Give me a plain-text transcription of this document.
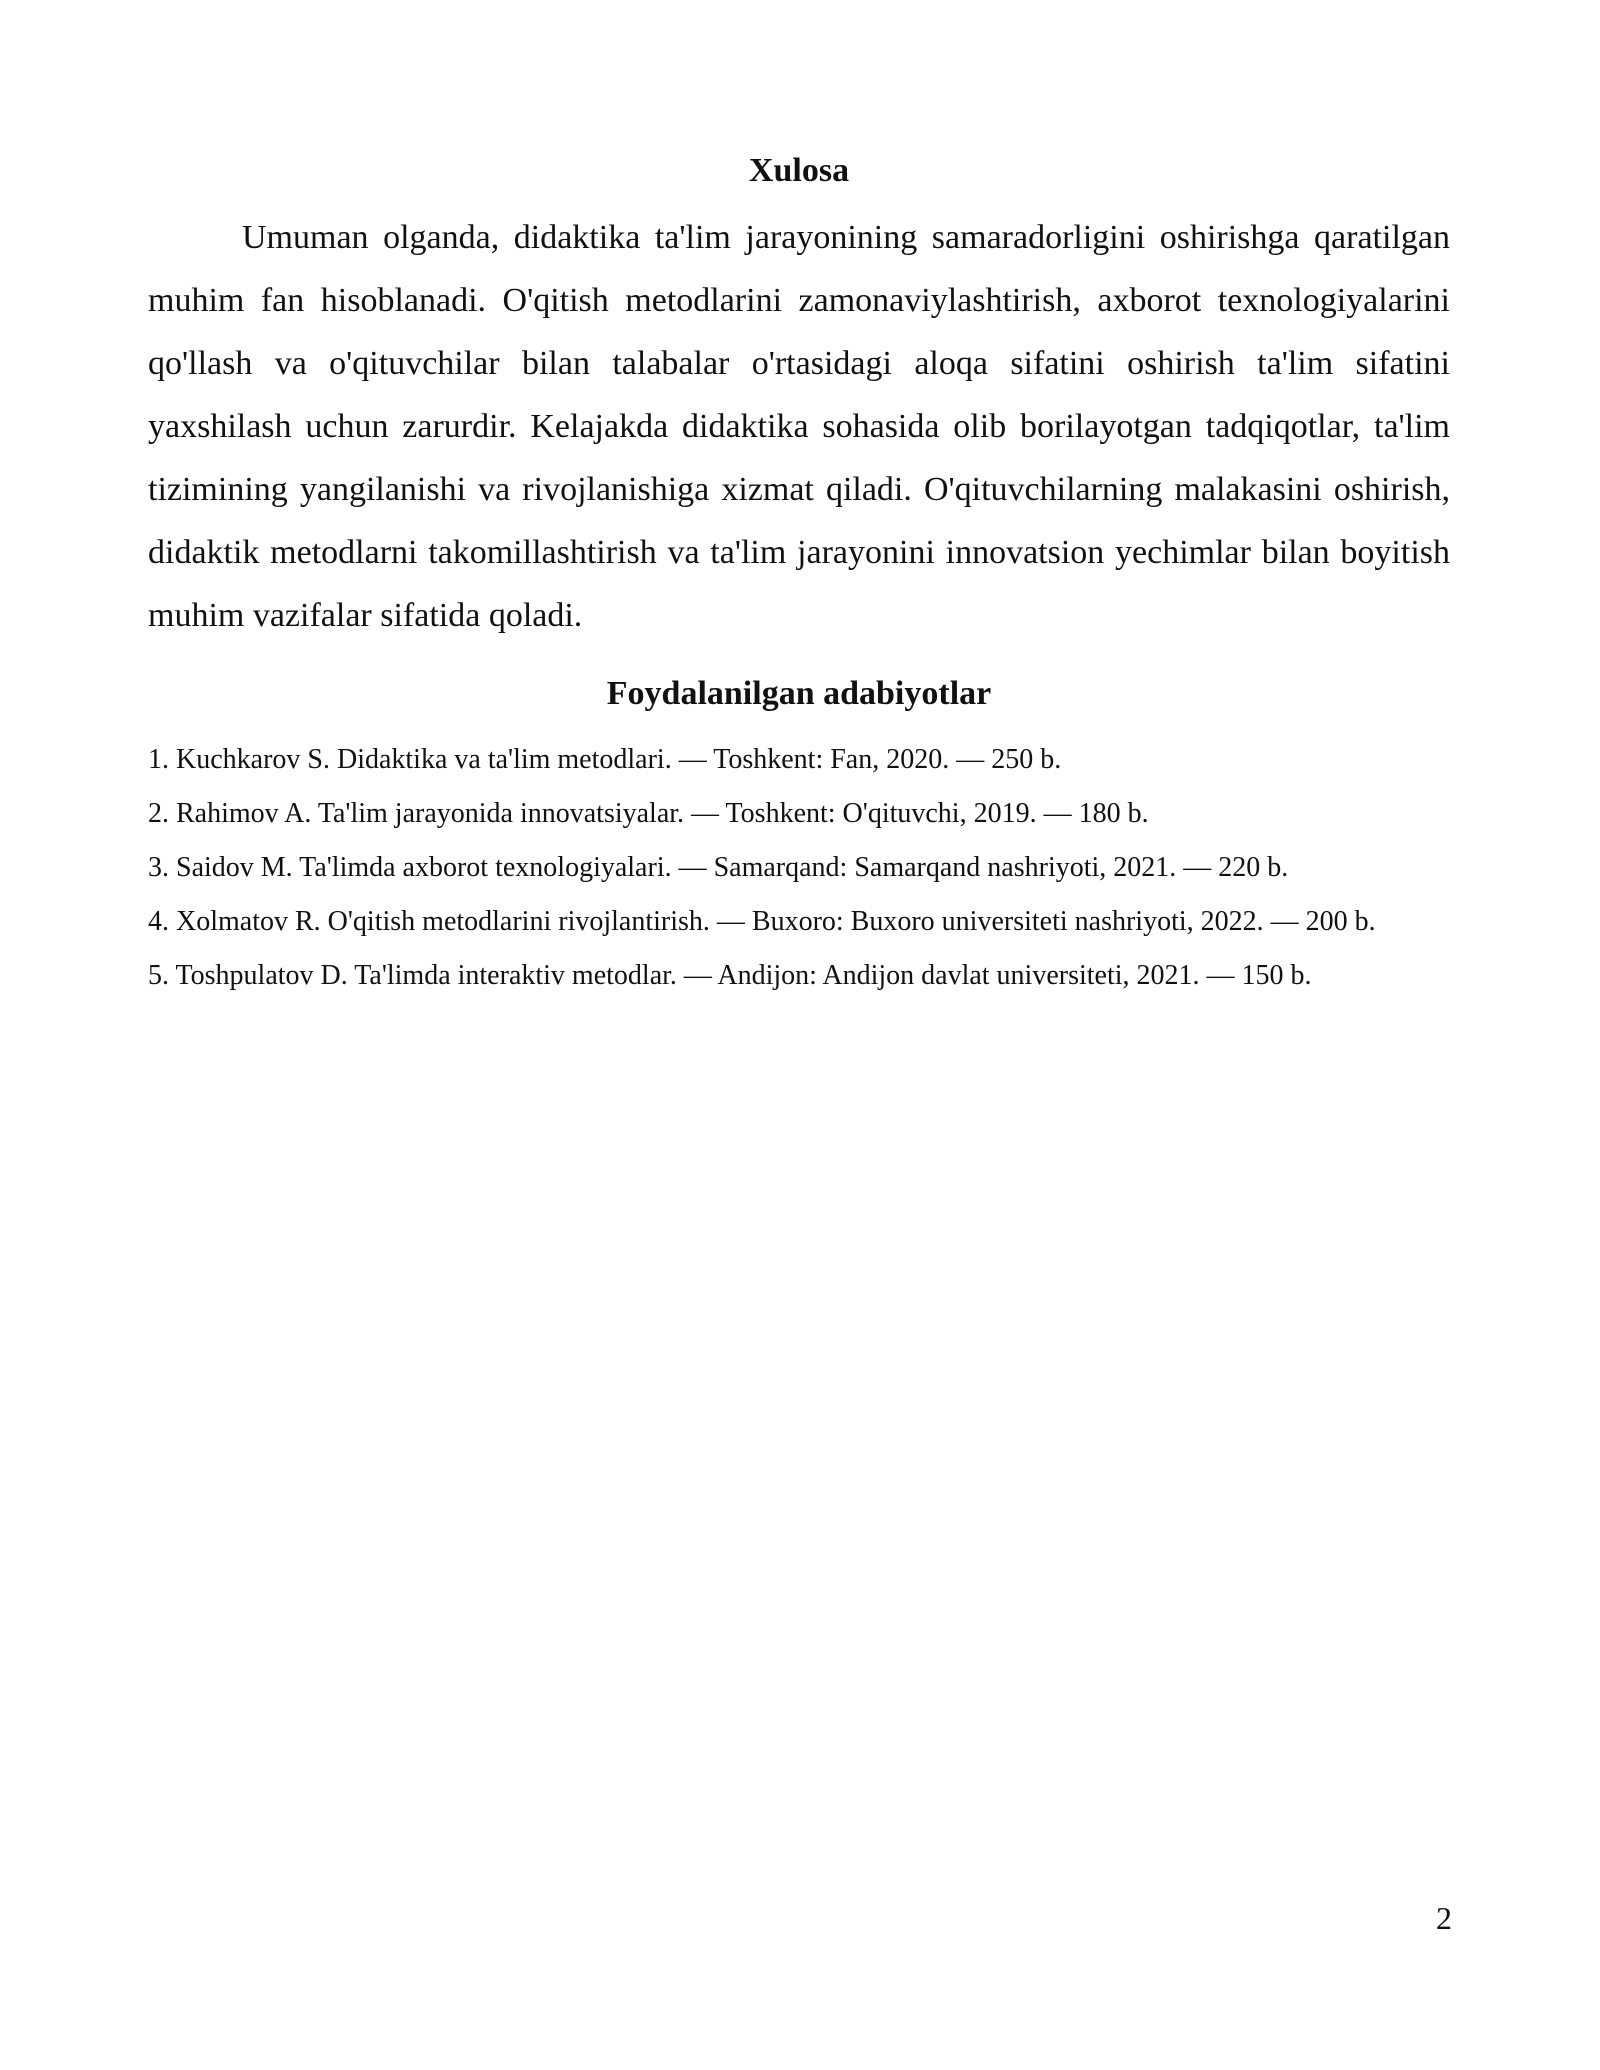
Xulosa

Umuman olganda, didaktika ta'lim jarayonining samaradorligini oshirishga qaratilgan muhim fan hisoblanadi. O'qitish metodlarini zamonaviylashtirish, axborot texnologiyalarini qo'llash va o'qituvchilar bilan talabalar o'rtasidagi aloqa sifatini oshirish ta'lim sifatini yaxshilash uchun zarurdir. Kelajakda didaktika sohasida olib borilayotgan tadqiqotlar, ta'lim tizimining yangilanishi va rivojlanishiga xizmat qiladi. O'qituvchilarning malakasini oshirish, didaktik metodlarni takomillashtirish va ta'lim jarayonini innovatsion yechimlar bilan boyitish muhim vazifalar sifatida qoladi.

Foydalanilgan adabiyotlar
1. Kuchkarov S. Didaktika va ta'lim metodlari. — Toshkent: Fan, 2020. — 250 b.
2. Rahimov A. Ta'lim jarayonida innovatsiyalar. — Toshkent: O'qituvchi, 2019. — 180 b.
3. Saidov M. Ta'limda axborot texnologiyalari. — Samarqand: Samarqand nashriyoti, 2021. — 220 b.
4. Xolmatov R. O'qitish metodlarini rivojlantirish. — Buxoro: Buxoro universiteti nashriyoti, 2022. — 200 b.
5. Toshpulatov D. Ta'limda interaktiv metodlar. — Andijon: Andijon davlat universiteti, 2021. — 150 b.
2
